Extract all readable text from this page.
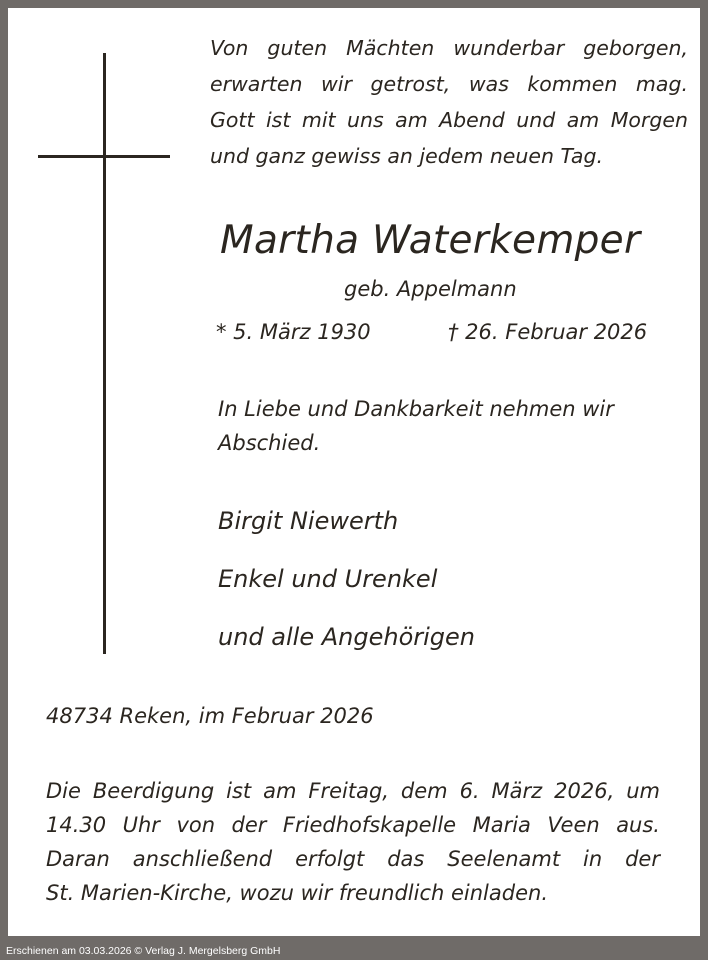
Von guten Mächten wunderbar geborgen,
erwarten wir getrost, was kommen mag.
Gott ist mit uns am Abend und am Morgen
und ganz gewiss an jedem neuen Tag.
Martha Waterkemper
geb. Appelmann
* 5. März 1930	† 26. Februar 2026
In Liebe und Dankbarkeit nehmen wir
Abschied.
Birgit Niewerth
Enkel und Urenkel
und alle Angehörigen
48734 Reken, im Februar 2026
Die Beerdigung ist am Freitag, dem 6. März 2026, um
14.30 Uhr von der Friedhofskapelle Maria Veen aus.
Daran anschließend erfolgt das Seelenamt in der
St. Marien-Kirche, wozu wir freundlich einladen.
Erschienen am 03.03.2026 © Verlag J. Mergelsberg GmbH
